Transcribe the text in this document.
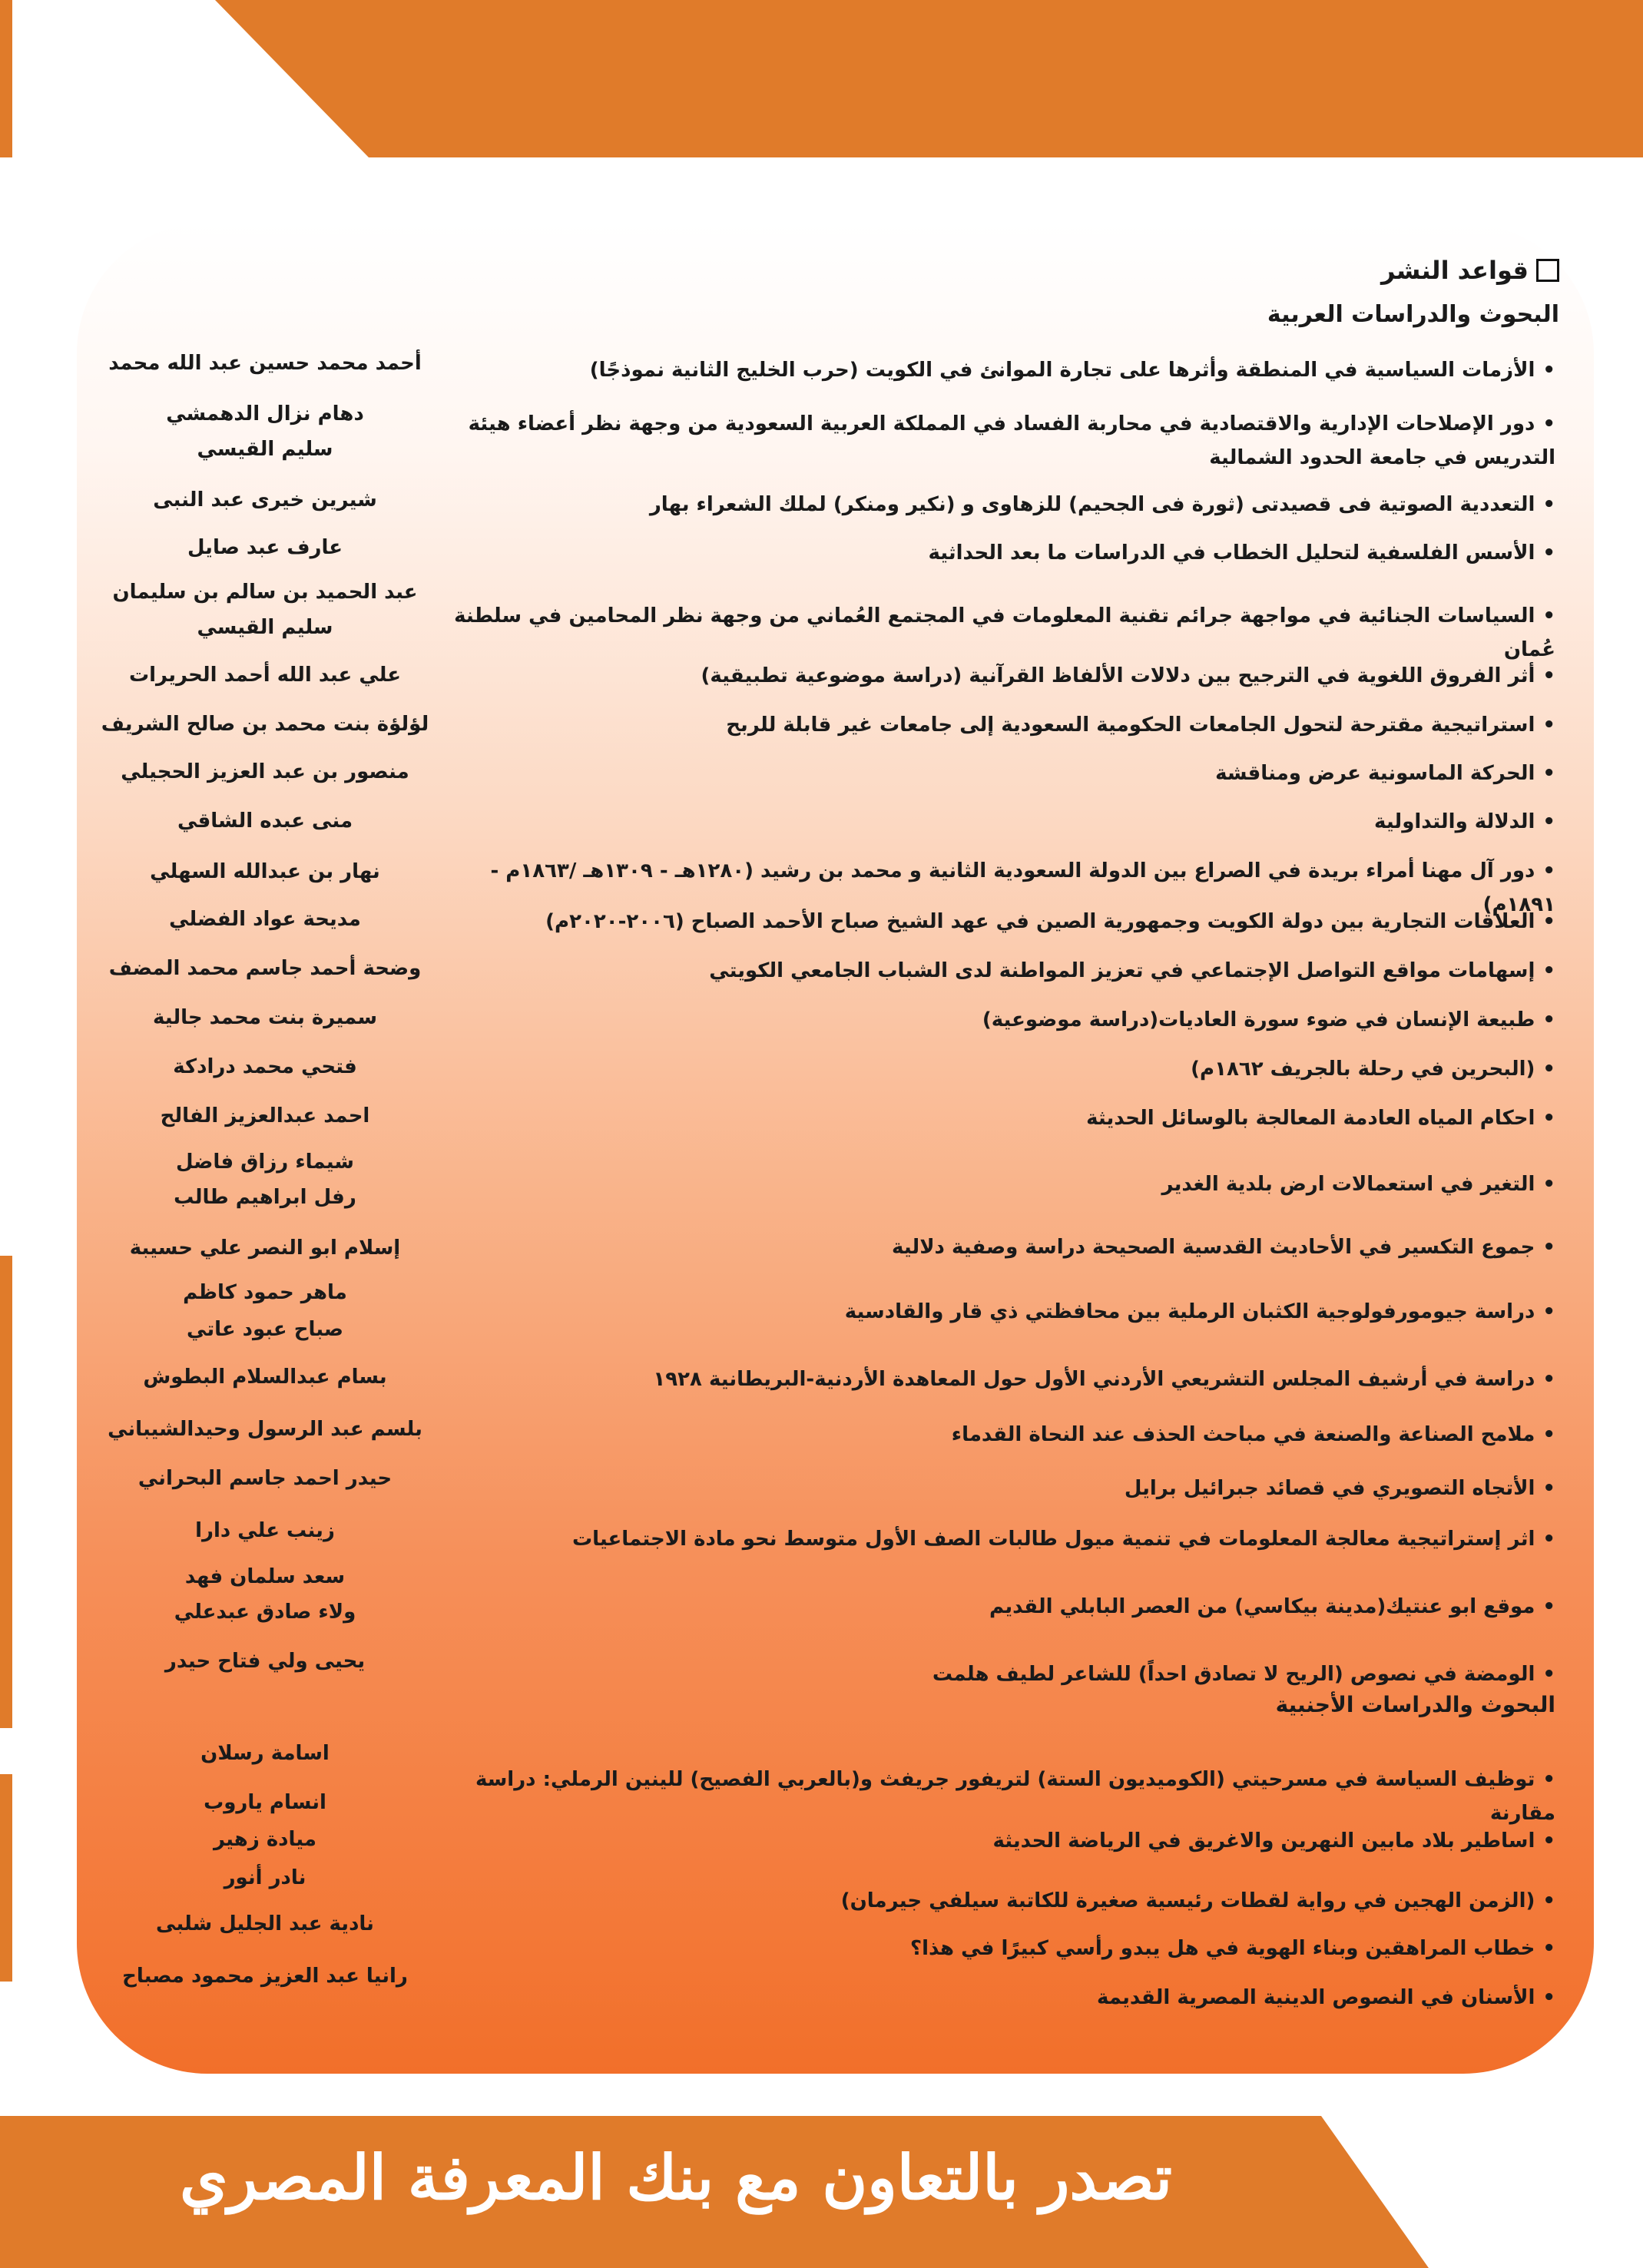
قواعد النشر
البحوث والدراسات العربية
•الأزمات السياسية في المنطقة وأثرها على تجارة الموانئ في الكويت (حرب الخليج الثانية نموذجًا)
•دور الإصلاحات الإدارية والاقتصادية في محاربة الفساد في المملكة العربية السعودية من وجهة نظر أعضاء هيئة التدريس في جامعة الحدود الشمالية
•التعددية الصوتية فى قصيدتى (ثورة فى الجحيم) للزهاوى و (نكير ومنكر) لملك الشعراء بهار
•الأسس الفلسفية لتحليل الخطاب في الدراسات ما بعد الحداثية
•السياسات الجنائية في مواجهة جرائم تقنية المعلومات في المجتمع العُماني من وجهة نظر المحامين في سلطنة عُمان
•أثر الفروق اللغوية في الترجيح بين دلالات الألفاظ القرآنية (دراسة موضوعية تطبيقية)
•استراتيجية مقترحة لتحول الجامعات الحكومية السعودية إلى جامعات غير قابلة للربح
•الحركة الماسونية عرض ومناقشة
•الدلالة والتداولية
•دور آل مهنا أمراء بريدة في الصراع بين الدولة السعودية الثانية و محمد بن رشيد (١٢٨٠هـ - ١٣٠٩هـ /١٨٦٣م - ١٨٩١م)
•العلاقات التجارية بين دولة الكويت وجمهورية الصين في عهد الشيخ صباح الأحمد الصباح (٢٠٠٦-٢٠٢٠م)
•إسهامات مواقع التواصل الإجتماعي في تعزيز المواطنة لدى الشباب الجامعي الكويتي
•طبيعة الإنسان في ضوء سورة العاديات(دراسة موضوعية)
•(البحرين في رحلة بالجريف ١٨٦٢م)
•احكام المياه العادمة المعالجة بالوسائل الحديثة
•التغير في استعمالات ارض بلدية الغدير
•جموع التكسير في الأحاديث القدسية الصحيحة دراسة وصفية دلالية
•دراسة جيومورفولوجية الكثبان الرملية بين محافظتي ذي قار والقادسية
•دراسة في أرشيف المجلس التشريعي الأردني الأول حول المعاهدة الأردنية-البريطانية ١٩٢٨
•ملامح الصناعة والصنعة في مباحث الحذف عند النحاة القدماء
•الأتجاه التصويري في قصائد جبرائيل برايل
•اثر إستراتيجية معالجة المعلومات في تنمية ميول طالبات الصف الأول متوسط نحو مادة الاجتماعيات
•موقع ابو عنتيك(مدينة بيكاسي) من العصر البابلي القديم
•الومضة في نصوص (الريح لا تصادق احداً) للشاعر لطيف هلمت
البحوث والدراسات الأجنبية
•توظيف السياسة في مسرحيتي (الكوميديون الستة) لتريفور جريفث و(بالعربي الفصيح) للينين الرملي: دراسة مقارنة
•اساطير بلاد مابين النهرين والاغريق في الرياضة الحديثة
•(الزمن الهجين في رواية لقطات رئيسية صغيرة للكاتبة سيلفي جيرمان)
•خطاب المراهقين وبناء الهوية في هل يبدو رأسي كبيرًا في هذا؟
•الأسنان في النصوص الدينية المصرية القديمة
أحمد محمد حسين عبد الله محمد
دهام نزال الدهمشي
سليم القيسي
شيرين خيرى عبد النبى
عارف عبد صايل
عبد الحميد بن سالم بن سليمان
سليم القيسي
علي عبد الله أحمد الحريرات
لؤلؤة بنت محمد بن صالح الشريف
منصور بن عبد العزيز الحجيلي
منى عبده الشاقي
نهار بن عبدالله السهلي
مديحة عواد الفضلي
وضحة أحمد جاسم محمد المضف
سميرة بنت محمد جالية
فتحي محمد درادكة
احمد عبدالعزيز الفالح
شيماء رزاق فاضل
رفل ابراهيم طالب
إسلام ابو النصر علي حسيبة
ماهر حمود كاظم
صباح عبود عاتي
بسام عبدالسلام البطوش
بلسم عبد الرسول وحيدالشيباني
حيدر احمد جاسم البحراني
زينب علي دارا
سعد سلمان فهد
ولاء صادق عبدعلي
يحيى ولي فتاح حيدر
اسامة رسلان
انسام ياروب
ميادة زهير
نادر أنور
نادية عبد الجليل شلبى
رانيا عبد العزيز محمود مصباح
تصدر بالتعاون مع بنك المعرفة المصري
